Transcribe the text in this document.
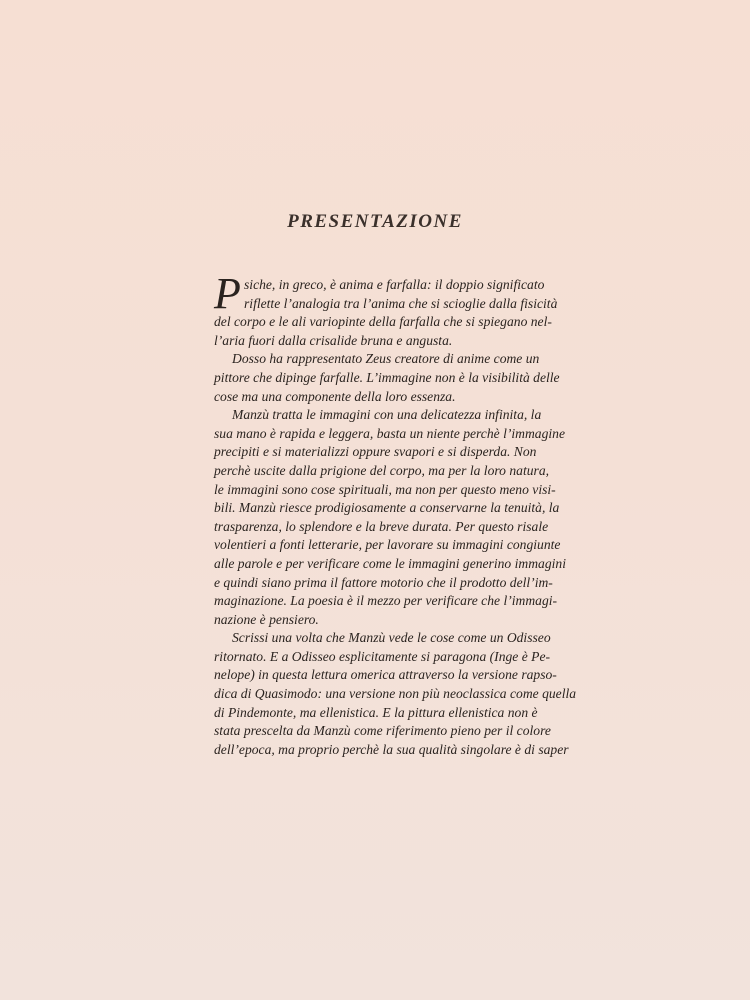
PRESENTAZIONE
P siche, in greco, è anima e farfalla: il doppio significato
riflette l’analogia tra l’anima che si scioglie dalla fisicità
del corpo e le ali variopinte della farfalla che si spiegano nel-
l’aria fuori dalla crisalide bruna e angusta.
Dosso ha rappresentato Zeus creatore di anime come un
pittore che dipinge farfalle. L’immagine non è la visibilità delle
cose ma una componente della loro essenza.
Manzù tratta le immagini con una delicatezza infinita, la
sua mano è rapida e leggera, basta un niente perchè l’immagine
precipiti e si materializzi oppure svapori e si disperda. Non
perchè uscite dalla prigione del corpo, ma per la loro natura,
le immagini sono cose spirituali, ma non per questo meno visi-
bili. Manzù riesce prodigiosamente a conservarne la tenuità, la
trasparenza, lo splendore e la breve durata. Per questo risale
volentieri a fonti letterarie, per lavorare su immagini congiunte
alle parole e per verificare come le immagini generino immagini
e quindi siano prima il fattore motorio che il prodotto dell’im-
maginazione. La poesia è il mezzo per verificare che l’immagi-
nazione è pensiero.
Scrissi una volta che Manzù vede le cose come un Odisseo
ritornato. E a Odisseo esplicitamente si paragona (Inge è Pe-
nelope) in questa lettura omerica attraverso la versione rapso-
dica di Quasimodo: una versione non più neoclassica come quella
di Pindemonte, ma ellenistica. E la pittura ellenistica non è
stata prescelta da Manzù come riferimento pieno per il colore
dell’epoca, ma proprio perchè la sua qualità singolare è di saper
